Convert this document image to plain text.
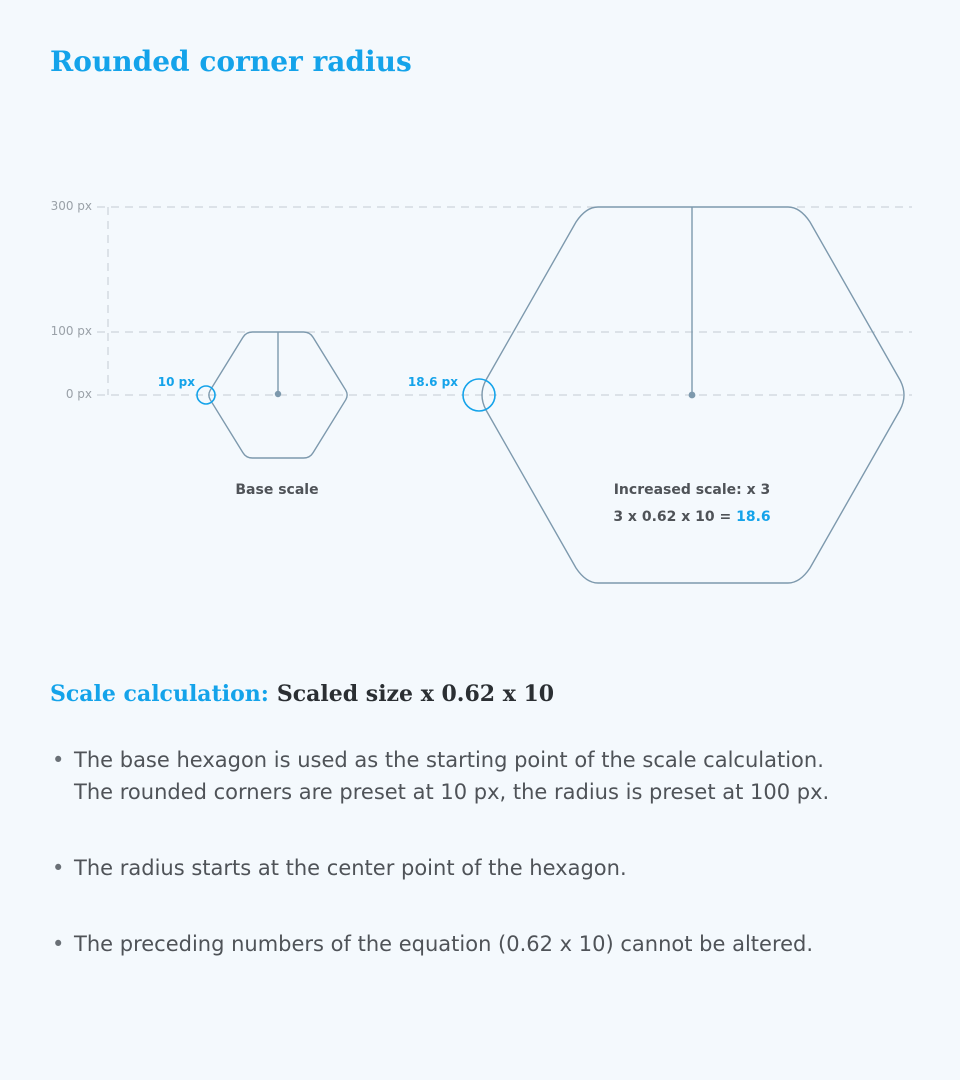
Rounded corner radius
300 px
100 px
0 px
10 px
Base scale
18.6 px
Increased scale: x 3
3 x 0.62 x 10 = 18.6
Scale calculation: Scaled size x 0.62 x 10
• The base hexagon is used as the starting point of the scale calculation.
The rounded corners are preset at 10 px, the radius is preset at 100 px.
• The radius starts at the center point of the hexagon.
• The preceding numbers of the equation (0.62 x 10) cannot be altered.
